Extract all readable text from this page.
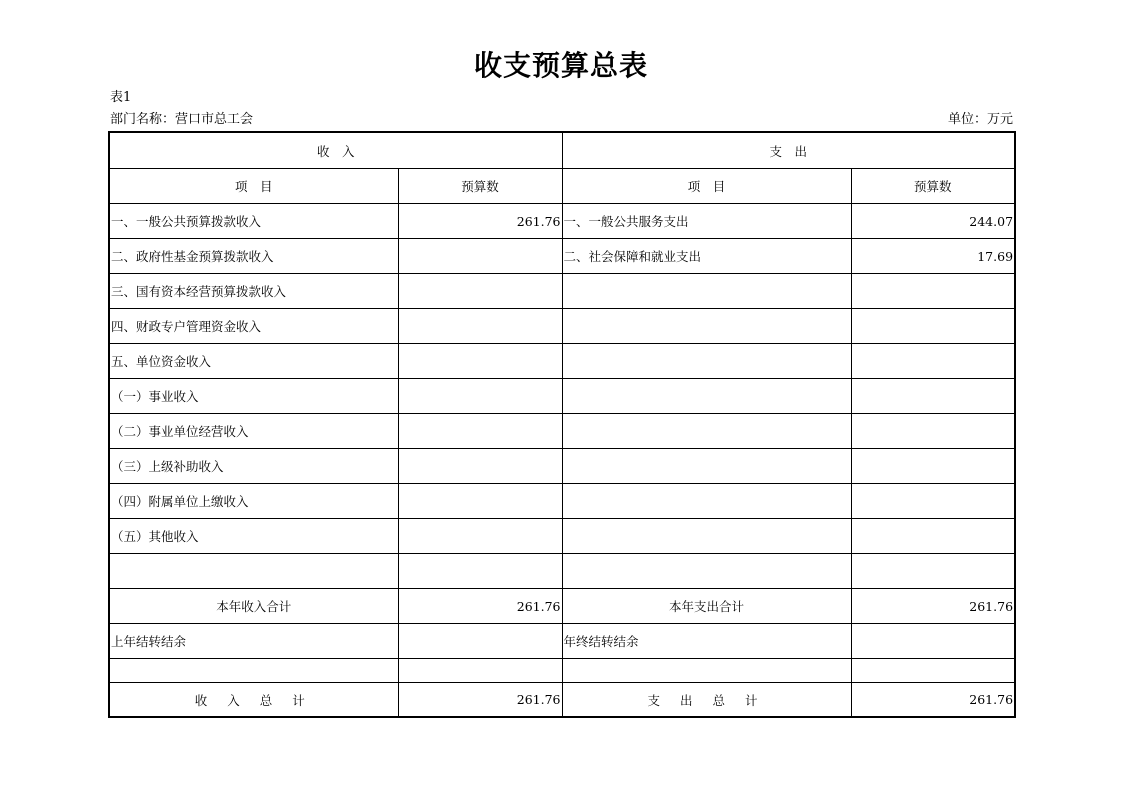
收支预算总表
表1
部门名称：营口市总工会	单位：万元
收　入		支　出	
项　目	预算数	项　目	预算数
一、一般公共预算拨款收入	261.76	一、一般公共服务支出	244.07
二、政府性基金预算拨款收入		二、社会保障和就业支出	17.69
三、国有资本经营预算拨款收入			
四、财政专户管理资金收入			
五、单位资金收入			
（一）事业收入			
（二）事业单位经营收入			
（三）上级补助收入			
（四）附属单位上缴收入			
（五）其他收入			

本年收入合计	261.76	本年支出合计	261.76
上年结转结余		年终结转结余	

收 入 总 计	261.76	支 出 总 计	261.76
